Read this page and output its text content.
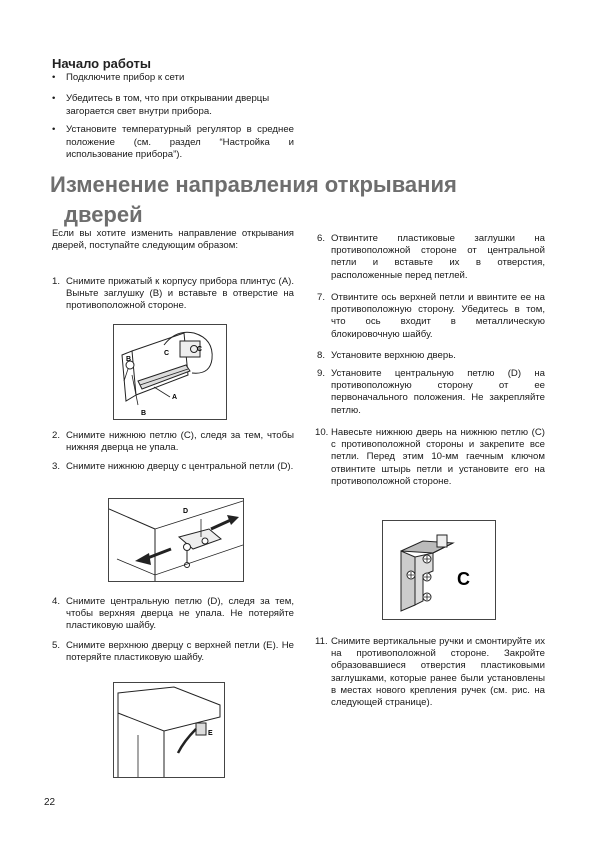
Начало работы
• Подключите прибор к сети
• Убедитесь в том, что при открывании дверцы загорается свет внутри прибора.
• Установите температурный регулятор в среднее положение (см. раздел “Настройка и использование прибора”).
Изменение направления открывания
дверей
Если вы хотите изменить направление открывания дверей, поступайте следующим образом:
1. Снимите прижатый к корпусу прибора плинтус (A). Выньте заглушку (B) и вставьте в отверстие на противоположной стороне.
B
C
C
A
B
2. Снимите нижнюю петлю (C), следя за тем, чтобы нижняя дверца не упала.
3. Снимите нижнюю дверцу с центральной петли (D).
D
4. Снимите центральную петлю (D), следя за тем, чтобы верхняя дверца не упала. Не потеряйте пластиковую шайбу.
5. Снимите верхнюю дверцу с верхней петли (E). Не потеряйте пластиковую шайбу.
E
6. Отвинтите пластиковые заглушки на противоположной стороне от центральной петли и вставьте их в отверстия, расположенные перед петлей.
7. Отвинтите ось верхней петли и ввинтите ее на противоположную сторону. Убедитесь в том, что ось входит в металлическую блокировочную шайбу.
8. Установите верхнюю дверь.
9. Установите центральную петлю (D) на противоположную сторону от ее первоначального положения. Не закрепляйте петлю.
10. Навесьте нижнюю дверь на нижнюю петлю (C) с противоположной стороны и закрепите все петли. Перед этим 10-мм гаечным ключом отвинтите штырь петли и установите его на противоположной стороне.
C
11. Снимите вертикальные ручки и смонтируйте их на противоположной стороне. Закройте образовавшиеся отверстия пластиковыми заглушками, которые ранее были установлены в местах нового крепления ручек (см. рис. на следующей странице).
22
